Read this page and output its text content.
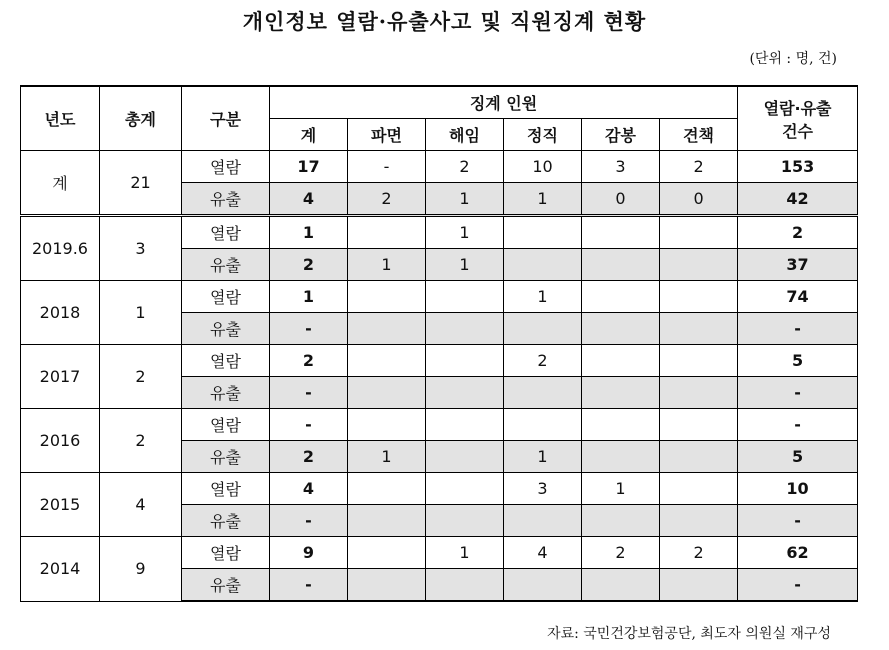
개인정보 열람·유출사고 및 직원징계 현황
(단위 : 명, 건)
년도	총계	구분	징계 인원						열람·유출
건수

			계	파면	해임	정직	감봉	견책	
계	21	열람	17	-	2	10	3	2	153
		유출	4	2	1	1	0	0	42
2019.6	3	열람	1		1				2
		유출	2	1	1				37
2018	1	열람	1			1			74
		유출	-						-
2017	2	열람	2			2			5
		유출	-						-
2016	2	열람	-						-
		유출	2	1		1			5
2015	4	열람	4			3	1		10
		유출	-						-
2014	9	열람	9		1	4	2	2	62
		유출	-						-
자료: 국민건강보험공단, 최도자 의원실 재구성
